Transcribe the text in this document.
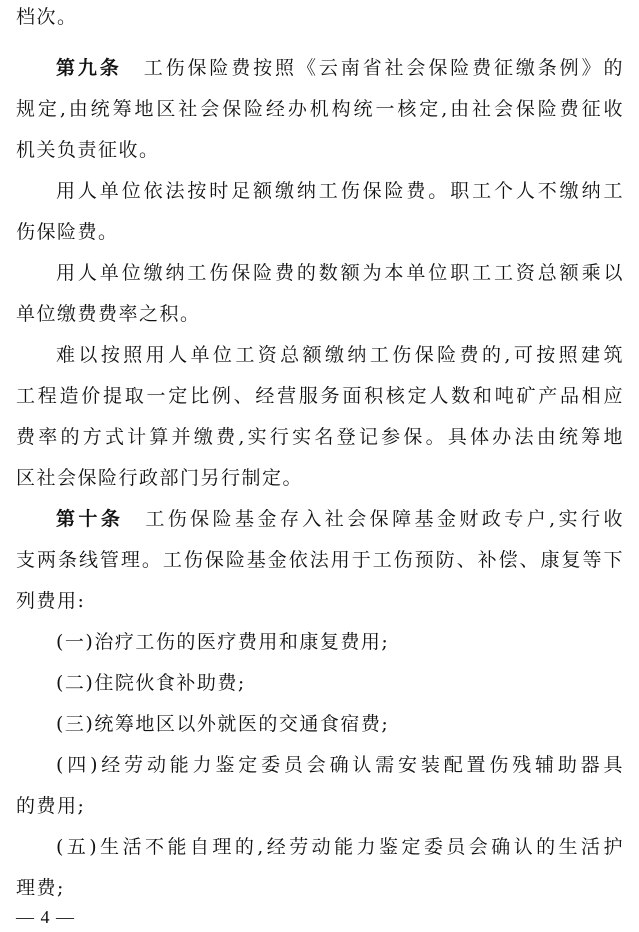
档次。
第九条 工伤保险费按照《云南省社会保险费征缴条例》的
规定,由统筹地区社会保险经办机构统一核定,由社会保险费征收
机关负责征收。
用人单位依法按时足额缴纳工伤保险费。职工个人不缴纳工
伤保险费。
用人单位缴纳工伤保险费的数额为本单位职工工资总额乘以
单位缴费费率之积。
难以按照用人单位工资总额缴纳工伤保险费的,可按照建筑
工程造价提取一定比例、经营服务面积核定人数和吨矿产品相应
费率的方式计算并缴费,实行实名登记参保。具体办法由统筹地
区社会保险行政部门另行制定。
第十条 工伤保险基金存入社会保障基金财政专户,实行收
支两条线管理。工伤保险基金依法用于工伤预防、补偿、康复等下
列费用:
(一)治疗工伤的医疗费用和康复费用;
(二)住院伙食补助费;
(三)统筹地区以外就医的交通食宿费;
(四)经劳动能力鉴定委员会确认需安装配置伤残辅助器具
的费用;
(五)生活不能自理的,经劳动能力鉴定委员会确认的生活护
理费;
— 4 —
